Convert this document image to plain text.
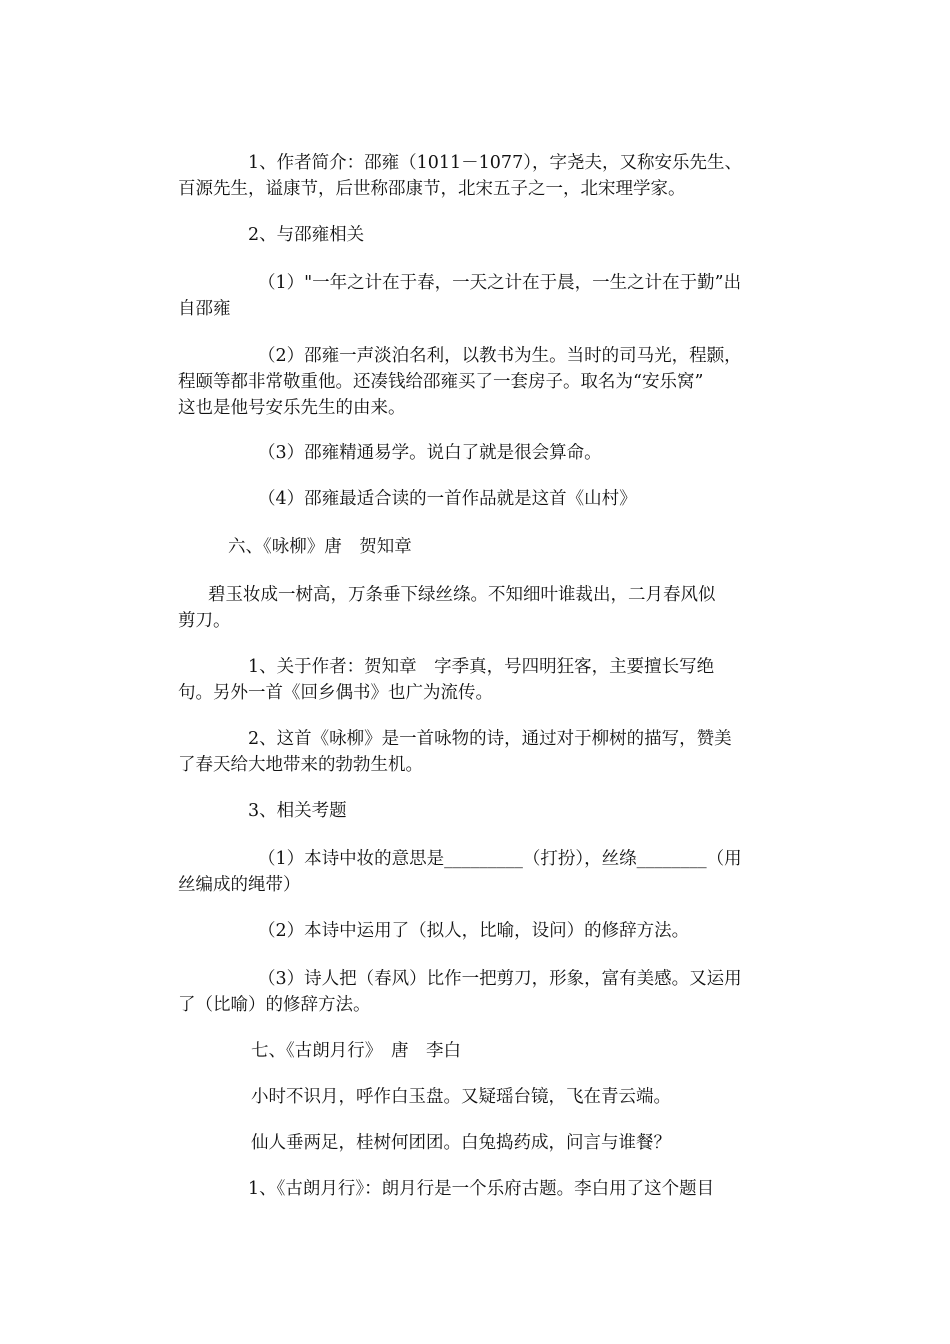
1、作者简介：邵雍（1011－1077），字尧夫，又称安乐先生、
百源先生，谥康节，后世称邵康节，北宋五子之一，北宋理学家。
2、与邵雍相关
（1）"一年之计在于春，一天之计在于晨，一生之计在于勤”出
自邵雍
（2）邵雍一声淡泊名利，以教书为生。当时的司马光，程颢，
程颐等都非常敬重他。还凑钱给邵雍买了一套房子。取名为“安乐窝”
这也是他号安乐先生的由来。
（3）邵雍精通易学。说白了就是很会算命。
（4）邵雍最适合读的一首作品就是这首《山村》
六、《咏柳》唐　贺知章
碧玉妆成一树高，万条垂下绿丝绦。不知细叶谁裁出，二月春风似
剪刀。
1、关于作者：贺知章　字季真，号四明狂客，主要擅长写绝
句。另外一首《回乡偶书》也广为流传。
2、这首《咏柳》是一首咏物的诗，通过对于柳树的描写，赞美
了春天给大地带来的勃勃生机。
3、相关考题
（1）本诗中妆的意思是_________（打扮），丝绦________（用
丝编成的绳带）
（2）本诗中运用了（拟人，比喻，设问）的修辞方法。
（3）诗人把（春风）比作一把剪刀，形象，富有美感。又运用
了（比喻）的修辞方法。
七、《古朗月行》　唐　李白
小时不识月，呼作白玉盘。又疑瑶台镜，飞在青云端。
仙人垂两足，桂树何团团。白兔捣药成，问言与谁餐？
1、《古朗月行》：朗月行是一个乐府古题。李白用了这个题目
